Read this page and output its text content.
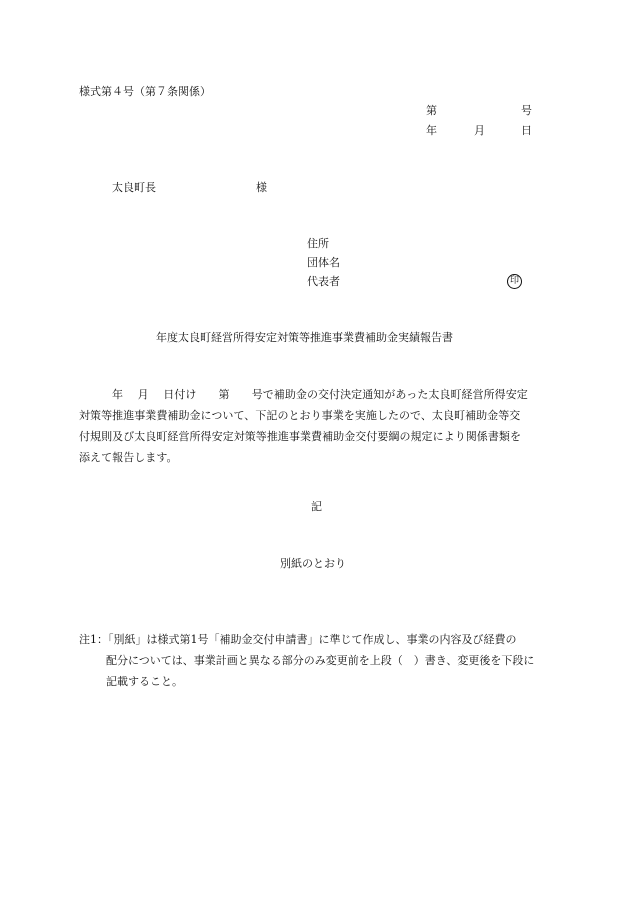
様式第４号（第７条関係）
第	号
年	月	日
太良町長	様
住所
団体名
代表者	印
年度太良町経営所得安定対策等推進事業費補助金実績報告書
年　 月　 日付け　　第　　号で補助金の交付決定通知があった太良町経営所得安定
対策等推進事業費補助金について、下記のとおり事業を実施したので、太良町補助金等交
付規則及び太良町経営所得安定対策等推進事業費補助金交付要綱の規定により関係書類を
添えて報告します。
記
別紙のとおり
注1：「別紙」は様式第1号「補助金交付申請書」に準じて作成し、事業の内容及び経費の
配分については、事業計画と異なる部分のみ変更前を上段（　）書き、変更後を下段に
記載すること。
